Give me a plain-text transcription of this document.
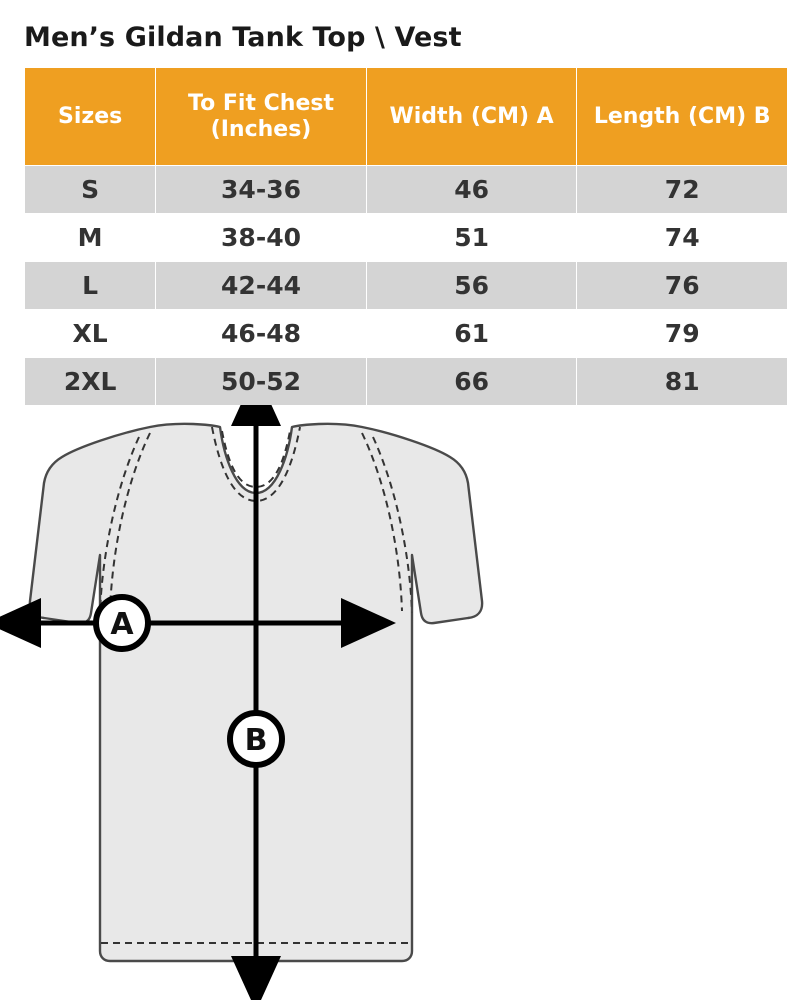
Men’s Gildan Tank Top \ Vest
Sizes	To Fit Chest (Inches)	Width (CM) A	Length (CM) B
S	34-36	46	72
M	38-40	51	74
L	42-44	56	76
XL	46-48	61	79
2XL	50-52	66	81
A
B
